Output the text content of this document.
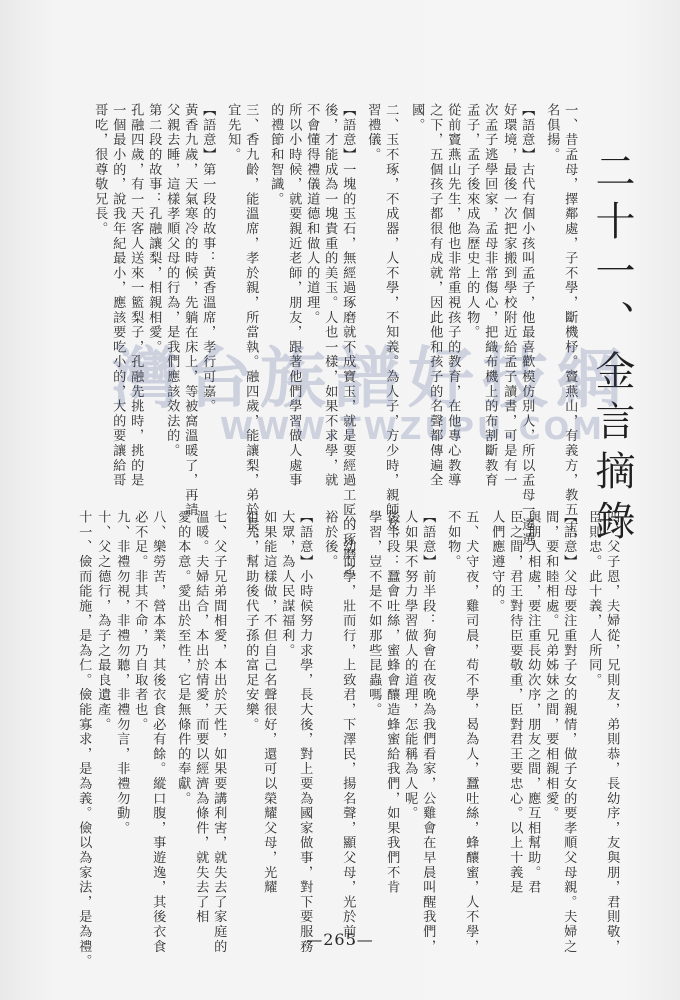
二十一、金言摘錄
一、昔孟母，擇鄰處，子不學，斷機杼。竇燕山，有義方，教五子，
名俱揚。
【語意】古代有個小孩叫孟子，他最喜歡模仿別人，所以孟母一遷選
好環境，最後一次把家搬到學校附近給孟子讀書，可是有一
次孟子逃學回家，孟母非常傷心，把織布機上的布割斷教育
孟子，孟子後來成為歷史上的人物。
從前竇燕山先生，他也非常重視孩子的教育，在他專心教導
之下，五個孩子都很有成就，因此他和孩子的名聲都傳遍全
國。
二、玉不琢，不成器，人不學，不知義。為人子，方少時，親師友，
習禮儀。
【語意】一塊的玉石，無經過琢磨就不成寶玉，就是要經過工匠的琢磨之
後，才能成為一塊貴重的美玉。人也一樣，如果不求學，就
不會懂得禮儀道德和做人的道理。
所以小時候，就要親近老師，朋友，跟著他們學習做人處事
的禮節和智識。
三、香九齡，能溫席，孝於親，所當執。融四歲，能讓梨，弟於長，
宜先知。
【語意】第一段的故事：黃香溫席，孝行可嘉。
黃香九歲，天氣寒冷的時候，先躺在床上，等被窩溫暖了，再請
父親去睡，這樣孝順父母的行為，是我們應該效法的。
第二段的故事：孔融讓梨，相親相愛。
孔融四歲，有一天客人送來一籃梨子，孔融先挑時，挑的是
一個最小的，說我年紀最小，應該要吃小的，大的要讓給哥
哥吃，很尊敬兄長。
四、父子恩，夫婦從，兄則友，弟則恭，長幼序，友與朋，君則敬，
臣則忠。此十義，人所同。
【語意】父母要注重對子女的親情，做子女的要孝順父母親。夫婦之
間，要和睦相處。兄弟姊妹之間，要相親相愛。
與朋人相處，要注重長幼次序，朋友之間，應互相幫助。君
臣之間，君王對待臣要敬重，臣對君王要忠心。以上十義是
人們應遵守的。
五、犬守夜，雞司晨，苟不學，曷為人，蠶吐絲，蜂釀蜜，人不學，
不如物。
【語意】前半段：狗會在夜晚為我們看家，公雞會在早晨叫醒我們，
人如果不努力學習做人的道理，怎能稱為人呢。
後半段：蠶會吐絲，蜜蜂會釀造蜂蜜給我們，如果我們不肯
學習，豈不是不如那些昆蟲嗎。
六、幼而學，壯而行，上致君，下澤民，揚名聲，顯父母，光於前，
裕於後。
【語意】小時候努力求學，長大後，對上要為國家做事，對下要服務
大眾，為人民謀福利。
如果能這樣做，不但自己名聲很好，還可以榮耀父母，光耀
祖先，幫助後代子孫的富足安樂。
七、父子兄弟間相愛，本出於天性，如果要講利害，就失去了家庭的
溫暖。夫婦結合，本出於情愛，而要以經濟為條件，就失去了相
愛的本意。愛出於至性，它是無條件的奉獻。
八、樂勞苦，營本業，其後衣食必有餘。縱口腹，事遊逸，其後衣食
必不足。非其不命，乃自取者也。
九、非禮勿視，非禮勿聽，非禮勿言，非禮勿動。
十、父之德行，為子之最良遺產。
十一、儉而能施，是為仁。儉能寡求，是為義。儉以為家法，是為禮。
灣台族譜好技網
WWW.TWZUPU.COM
—265—
